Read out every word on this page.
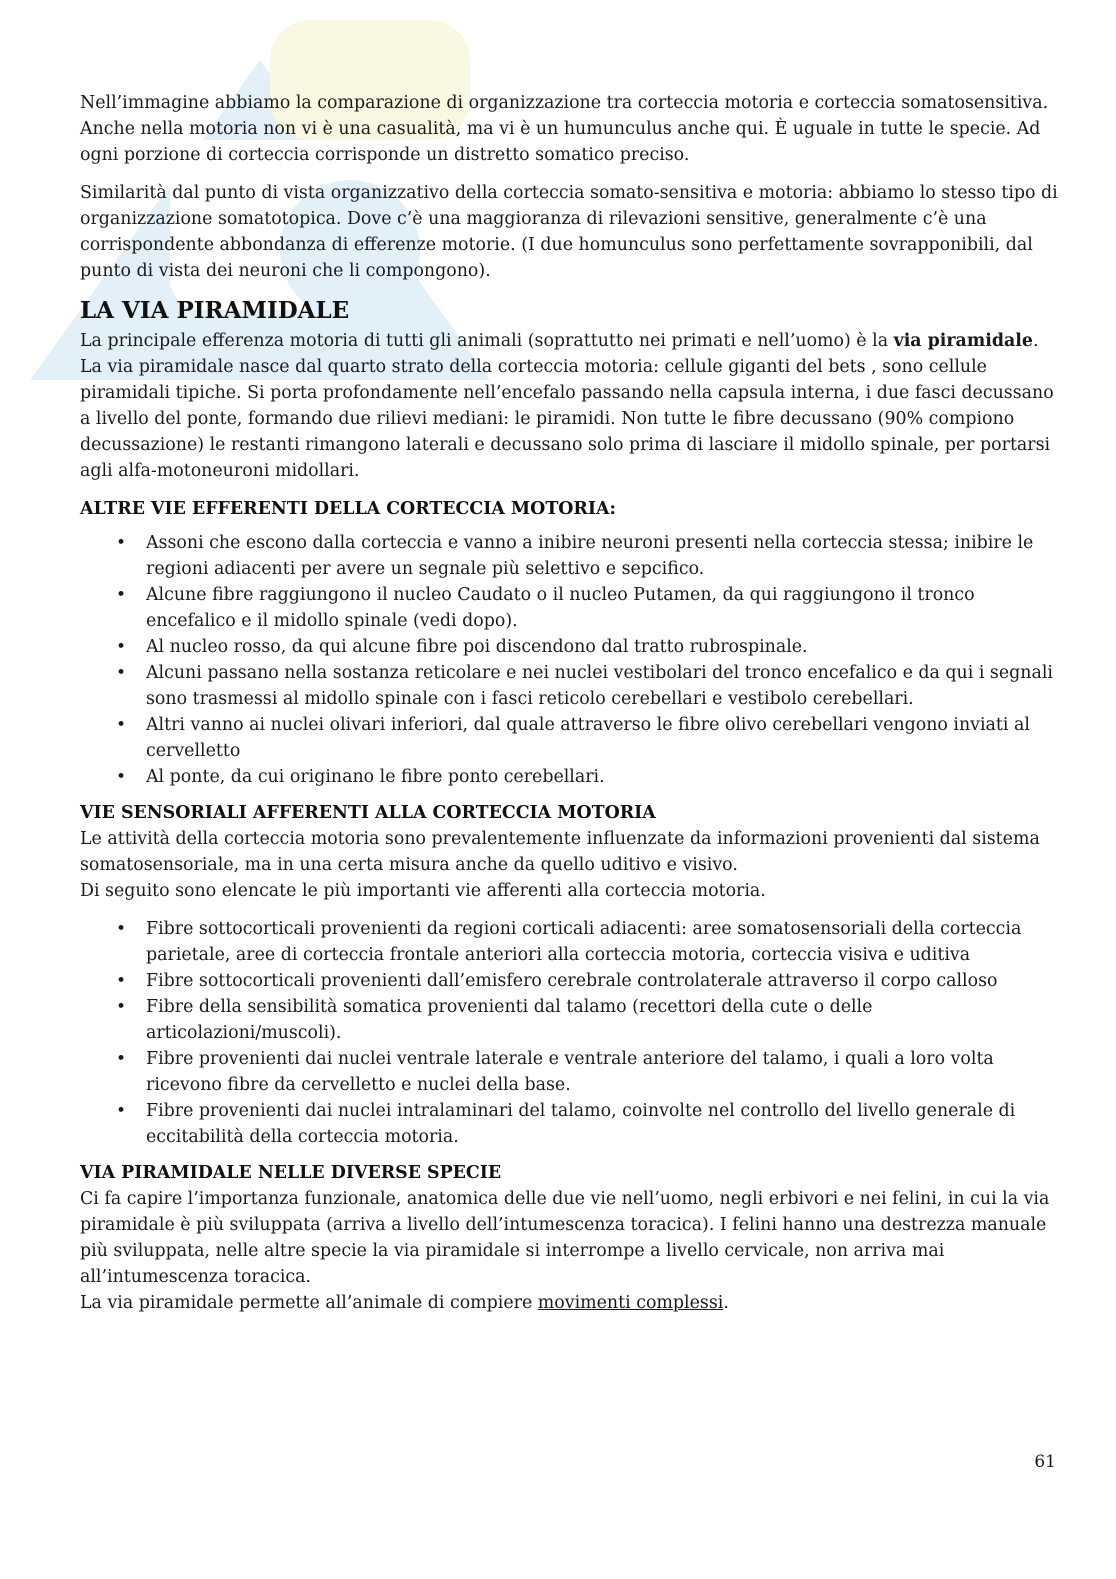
Nell’immagine abbiamo la comparazione di organizzazione tra corteccia motoria e corteccia somatosensitiva. Anche nella motoria non vi è una casualità, ma vi è un humunculus anche qui. È uguale in tutte le specie. Ad ogni porzione di corteccia corrisponde un distretto somatico preciso.

Similarità dal punto di vista organizzativo della corteccia somato-sensitiva e motoria: abbiamo lo stesso tipo di organizzazione somatotopica. Dove c’è una maggioranza di rilevazioni sensitive, generalmente c’è una corrispondente abbondanza di efferenze motorie. (I due homunculus sono perfettamente sovrapponibili, dal punto di vista dei neuroni che li compongono).

LA VIA PIRAMIDALE

La principale efferenza motoria di tutti gli animali (soprattutto nei primati e nell’uomo) è la via piramidale. La via piramidale nasce dal quarto strato della corteccia motoria: cellule giganti del bets , sono cellule piramidali tipiche. Si porta profondamente nell’encefalo passando nella capsula interna, i due fasci decussano a livello del ponte, formando due rilievi mediani: le piramidi. Non tutte le fibre decussano (90% compiono decussazione) le restanti rimangono laterali e decussano solo prima di lasciare il midollo spinale, per portarsi agli alfa-motoneuroni midollari.

ALTRE VIE EFFERENTI DELLA CORTECCIA MOTORIA:
• Assoni che escono dalla corteccia e vanno a inibire neuroni presenti nella corteccia stessa; inibire le regioni adiacenti per avere un segnale più selettivo e sepcifico.
• Alcune fibre raggiungono il nucleo Caudato o il nucleo Putamen, da qui raggiungono il tronco encefalico e il midollo spinale (vedi dopo).
• Al nucleo rosso, da qui alcune fibre poi discendono dal tratto rubrospinale.
• Alcuni passano nella sostanza reticolare e nei nuclei vestibolari del tronco encefalico e da qui i segnali sono trasmessi al midollo spinale con i fasci reticolo cerebellari e vestibolo cerebellari.
• Altri vanno ai nuclei olivari inferiori, dal quale attraverso le fibre olivo cerebellari vengono inviati al cervelletto
• Al ponte, da cui originano le fibre ponto cerebellari.
VIE SENSORIALI AFFERENTI ALLA CORTECCIA MOTORIA

Le attività della corteccia motoria sono prevalentemente influenzate da informazioni provenienti dal sistema somatosensoriale, ma in una certa misura anche da quello uditivo e visivo.

Di seguito sono elencate le più importanti vie afferenti alla corteccia motoria.

• Fibre sottocorticali provenienti da regioni corticali adiacenti: aree somatosensoriali della corteccia parietale, aree di corteccia frontale anteriori alla corteccia motoria, corteccia visiva e uditiva
• Fibre sottocorticali provenienti dall’emisfero cerebrale controlaterale attraverso il corpo calloso
• Fibre della sensibilità somatica provenienti dal talamo (recettori della cute o delle articolazioni/muscoli).
• Fibre provenienti dai nuclei ventrale laterale e ventrale anteriore del talamo, i quali a loro volta ricevono fibre da cervelletto e nuclei della base.
• Fibre provenienti dai nuclei intralaminari del talamo, coinvolte nel controllo del livello generale di eccitabilità della corteccia motoria.
VIA PIRAMIDALE NELLE DIVERSE SPECIE

Ci fa capire l’importanza funzionale, anatomica delle due vie nell’uomo, negli erbivori e nei felini, in cui la via piramidale è più sviluppata (arriva a livello dell’intumescenza toracica). I felini hanno una destrezza manuale più sviluppata, nelle altre specie la via piramidale si interrompe a livello cervicale, non arriva mai all’intumescenza toracica.

La via piramidale permette all’animale di compiere movimenti complessi.

61
